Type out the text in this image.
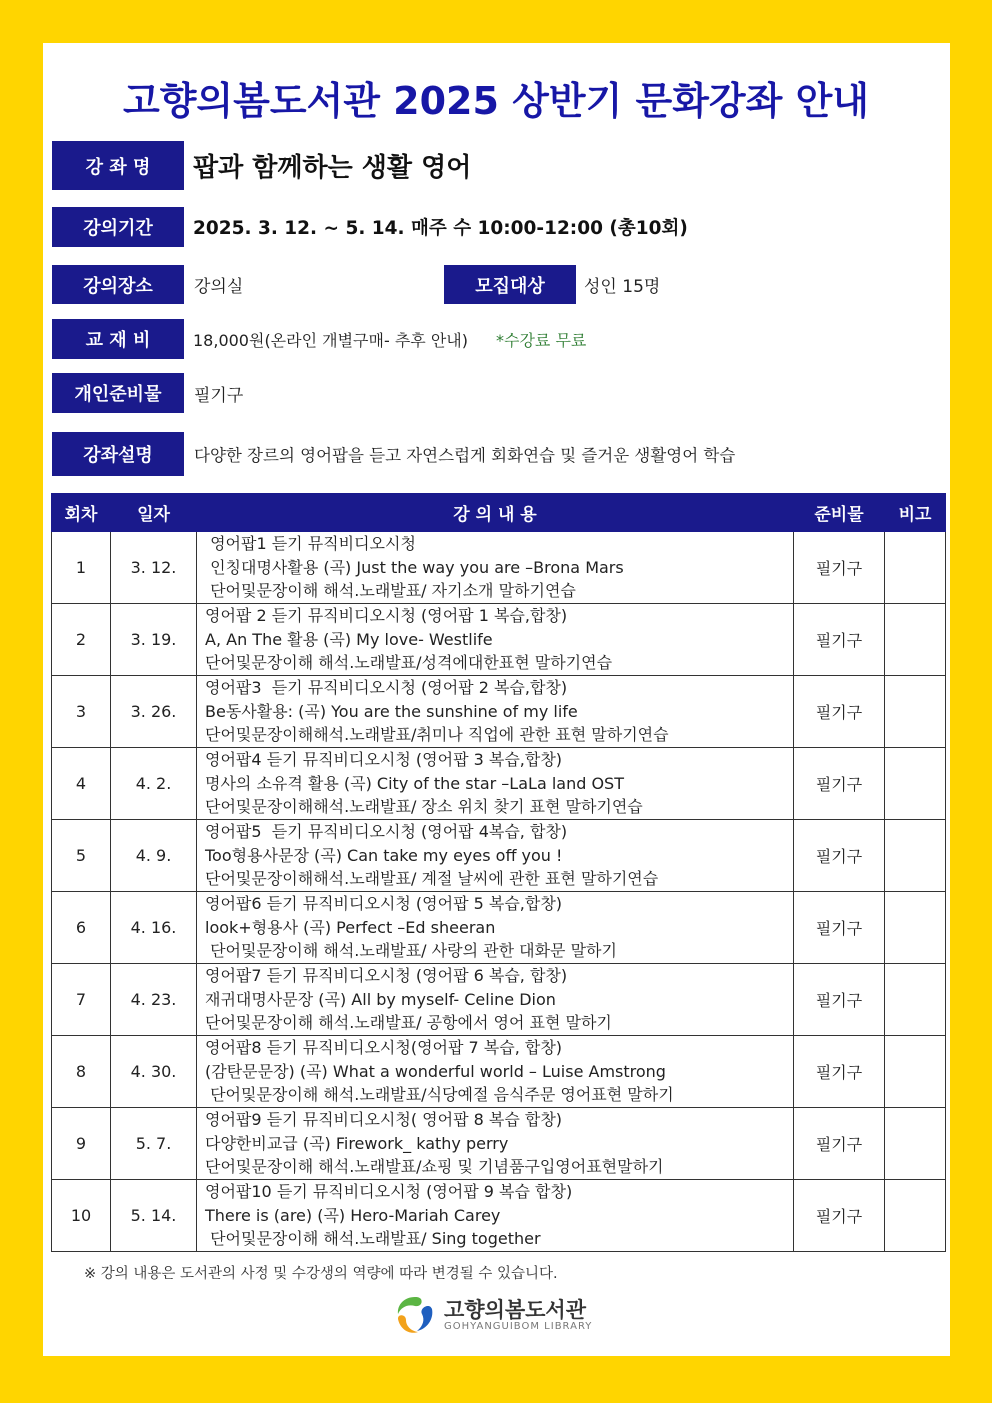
고향의봄도서관 2025 상반기 문화강좌 안내
강 좌 명	팝과 함께하는 생활 영어
강의기간	2025. 3. 12. ~ 5. 14. 매주 수 10:00-12:00 (총10회)
강의장소	강의실	모집대상	성인 15명
교 재 비	18,000원(온라인 개별구매- 추후 안내) *수강료 무료
개인준비물	필기구
강좌설명	다양한 장르의 영어팝을 듣고 자연스럽게 회화연습 및 즐거운 생활영어 학습
회차	일자	강 의 내 용	준비물	비고
1	3. 12.	영어팝1 듣기 뮤직비디오시청
인칭대명사활용 (곡) Just the way you are –Brona Mars
단어및문장이해 해석.노래발표/ 자기소개 말하기연습	필기구	
2	3. 19.	영어팝 2 듣기 뮤직비디오시청 (영어팝 1 복습,합창)
A, An The 활용 (곡) My love- Westlife
단어및문장이해 해석.노래발표/성격에대한표현 말하기연습	필기구	
3	3. 26.	영어팝3  듣기 뮤직비디오시청 (영어팝 2 복습,합창)
Be동사활용: (곡) You are the sunshine of my life
단어및문장이해해석.노래발표/취미나 직업에 관한 표현 말하기연습	필기구	
4	4. 2.	영어팝4 듣기 뮤직비디오시청 (영어팝 3 복습,합창)
명사의 소유격 활용 (곡) City of the star –LaLa land OST
단어및문장이해해석.노래발표/ 장소 위치 찾기 표현 말하기연습	필기구	
5	4. 9.	영어팝5  듣기 뮤직비디오시청 (영어팝 4복습, 합창)
Too형용사문장 (곡) Can take my eyes off you !
단어및문장이해해석.노래발표/ 계절 날씨에 관한 표현 말하기연습	필기구	
6	4. 16.	영어팝6 듣기 뮤직비디오시청 (영어팝 5 복습,합창)
look+형용사 (곡) Perfect –Ed sheeran
단어및문장이해 해석.노래발표/ 사랑의 관한 대화문 말하기	필기구	
7	4. 23.	영어팝7 듣기 뮤직비디오시청 (영어팝 6 복습, 합창)
재귀대명사문장 (곡) All by myself- Celine Dion
단어및문장이해 해석.노래발표/ 공항에서 영어 표현 말하기	필기구	
8	4. 30.	영어팝8 듣기 뮤직비디오시청(영어팝 7 복습, 합창)
(감탄문문장) (곡) What a wonderful world – Luise Amstrong
단어및문장이해 해석.노래발표/식당예절 음식주문 영어표현 말하기	필기구	
9	5. 7.	영어팝9 듣기 뮤직비디오시청( 영어팝 8 복습 합창)
다양한비교급 (곡) Firework_ kathy perry
단어및문장이해 해석.노래발표/쇼핑 및 기념품구입영어표현말하기	필기구	
10	5. 14.	영어팝10 듣기 뮤직비디오시청 (영어팝 9 복습 합창)
There is (are) (곡) Hero-Mariah Carey
단어및문장이해 해석.노래발표/ Sing together	필기구	
※ 강의 내용은 도서관의 사정 및 수강생의 역량에 따라 변경될 수 있습니다.
고향의봄도서관
GOHYANGUIBOM LIBRARY
